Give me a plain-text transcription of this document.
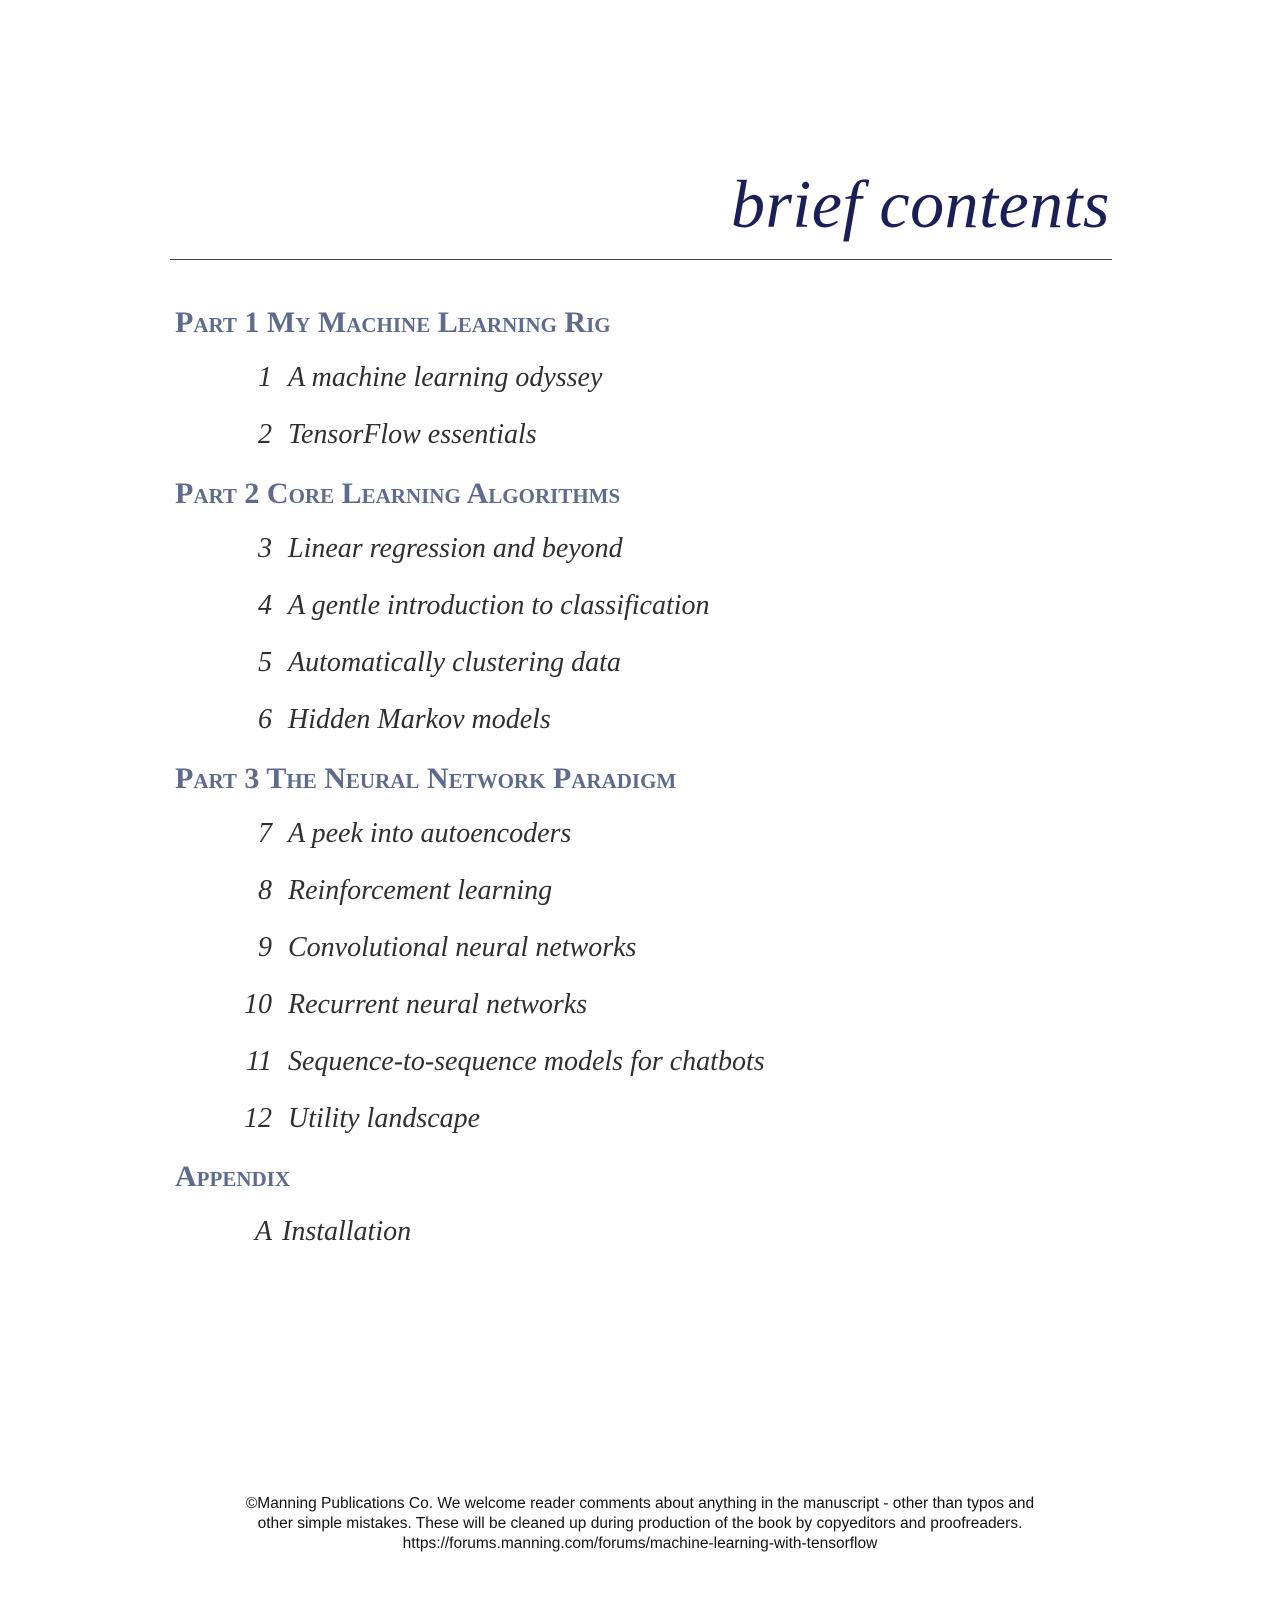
brief contents
Part 1 My Machine Learning Rig
1 A machine learning odyssey
2 TensorFlow essentials
Part 2 Core Learning Algorithms
3 Linear regression and beyond
4 A gentle introduction to classification
5 Automatically clustering data
6 Hidden Markov models
Part 3 The Neural Network Paradigm
7 A peek into autoencoders
8 Reinforcement learning
9 Convolutional neural networks
10 Recurrent neural networks
11 Sequence-to-sequence models for chatbots
12 Utility landscape
Appendix
A Installation
©Manning Publications Co. We welcome reader comments about anything in the manuscript - other than typos and
other simple mistakes. These will be cleaned up during production of the book by copyeditors and proofreaders.
https://forums.manning.com/forums/machine-learning-with-tensorflow
